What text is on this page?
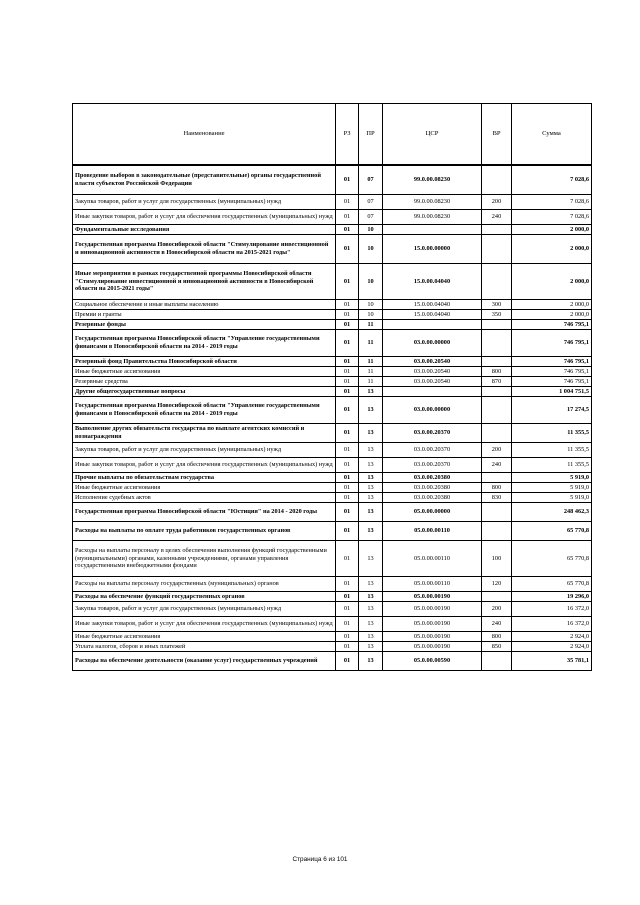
Наименование	РЗ	ПР	ЦСР	ВР	Сумма

Проведение выборов в законодательные (представительные) органы государственной власти субъектов Российской Федерации	01	07	99.0.00.08230		7 028,6
Закупка товаров, работ и услуг для государственных (муниципальных) нужд	01	07	99.0.00.08230	200	7 028,6
Иные закупки товаров, работ и услуг для обеспечения государственных (муниципальных) нужд	01	07	99.0.00.08230	240	7 028,6
Фундаментальные исследования	01	10			2 000,0
Государственная программа Новосибирской области "Стимулирование инвестиционной и инновационной активности в Новосибирской области на 2015-2021 годы"	01	10	15.0.00.00000		2 000,0
Иные мероприятия в рамках государственной программы Новосибирской области "Стимулирование инвестиционной и инновационной активности в Новосибирской области на 2015-2021 годы"	01	10	15.0.00.04040		2 000,0
Социальное обеспечение и иные выплаты населению	01	10	15.0.00.04040	300	2 000,0
Премии и гранты	01	10	15.0.00.04040	350	2 000,0
Резервные фонды	01	11			746 795,1
Государственная программа Новосибирской области "Управление государственными финансами в Новосибирской области на 2014 - 2019 годы	01	11	03.0.00.00000		746 795,1
Резервный фонд Правительства Новосибирской области	01	11	03.0.00.20540		746 795,1
Иные бюджетные ассигнования	01	11	03.0.00.20540	800	746 795,1
Резервные средства	01	11	03.0.00.20540	870	746 795,1
Другие общегосударственные вопросы	01	13			1 004 751,5
Государственная программа Новосибирской области "Управление государственными финансами в Новосибирской области на 2014 - 2019 годы	01	13	03.0.00.00000		17 274,5
Выполнение других обязательств государства по выплате агентских комиссий и вознаграждения	01	13	03.0.00.20370		11 355,5
Закупка товаров, работ и услуг для государственных (муниципальных) нужд	01	13	03.0.00.20370	200	11 355,5
Иные закупки товаров, работ и услуг для обеспечения государственных (муниципальных) нужд	01	13	03.0.00.20370	240	11 355,5
Прочие выплаты по обязательствам государства	01	13	03.0.00.20380		5 919,0
Иные бюджетные ассигнования	01	13	03.0.00.20380	800	5 919,0
Исполнение судебных актов	01	13	03.0.00.20380	830	5 919,0
Государственная программа Новосибирской области "Юстиция" на 2014 - 2020 годы	01	13	05.0.00.00000		248 462,3
Расходы на выплаты по оплате труда работников государственных органов	01	13	05.0.00.00110		65 770,8
Расходы на выплаты персоналу в целях обеспечения выполнения функций государственными (муниципальными) органами, казенными учреждениями, органами управления государственными внебюджетными фондами	01	13	05.0.00.00110	100	65 770,8
Расходы на выплаты персоналу государственных (муниципальных) органов	01	13	05.0.00.00110	120	65 770,8
Расходы на обеспечение функций государственных органов	01	13	05.0.00.00190		19 296,0
Закупка товаров, работ и услуг для государственных (муниципальных) нужд	01	13	05.0.00.00190	200	16 372,0
Иные закупки товаров, работ и услуг для обеспечения государственных (муниципальных) нужд	01	13	05.0.00.00190	240	16 372,0
Иные бюджетные ассигнования	01	13	05.0.00.00190	800	2 924,0
Уплата налогов, сборов и иных платежей	01	13	05.0.00.00190	850	2 924,0
Расходы на обеспечение деятельности (оказание услуг) государственных учреждений	01	13	05.0.00.00590		35 781,1
Страница 6 из 101
